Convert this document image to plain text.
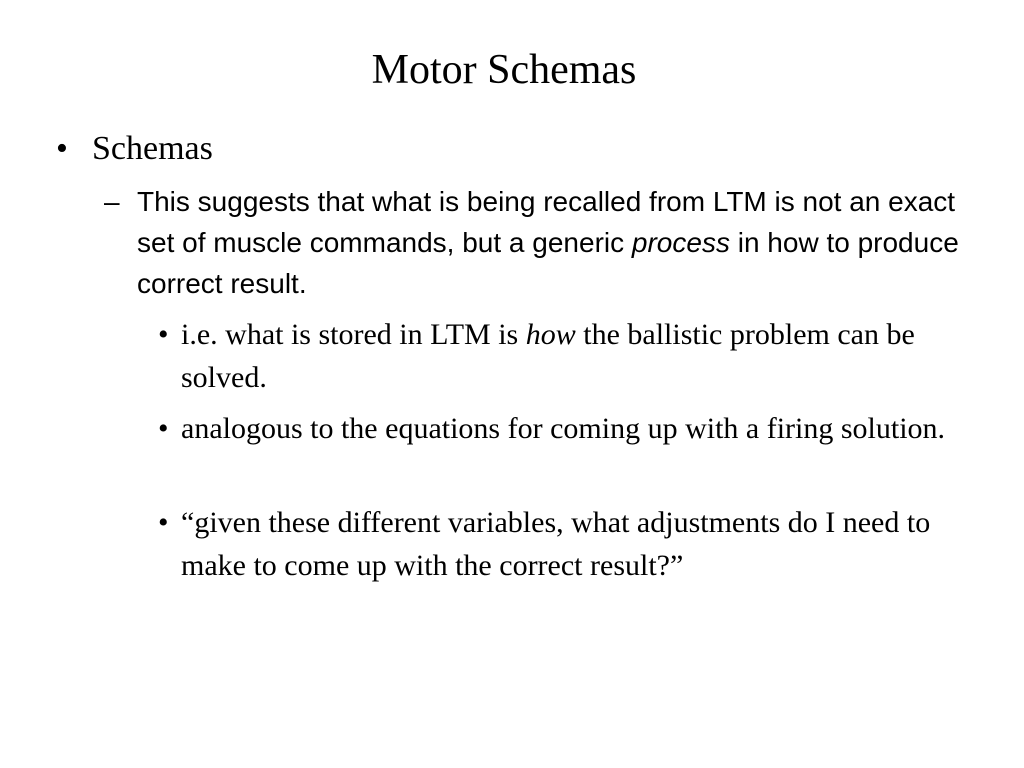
Motor Schemas
• Schemas
– This suggests that what is being recalled from LTM is not an exact set of muscle commands, but a generic process in how to produce correct result.
• i.e. what is stored in LTM is how the ballistic problem can be solved.
• analogous to the equations for coming up with a firing solution.
• “given these different variables, what adjustments do I need to make to come up with the correct result?”
